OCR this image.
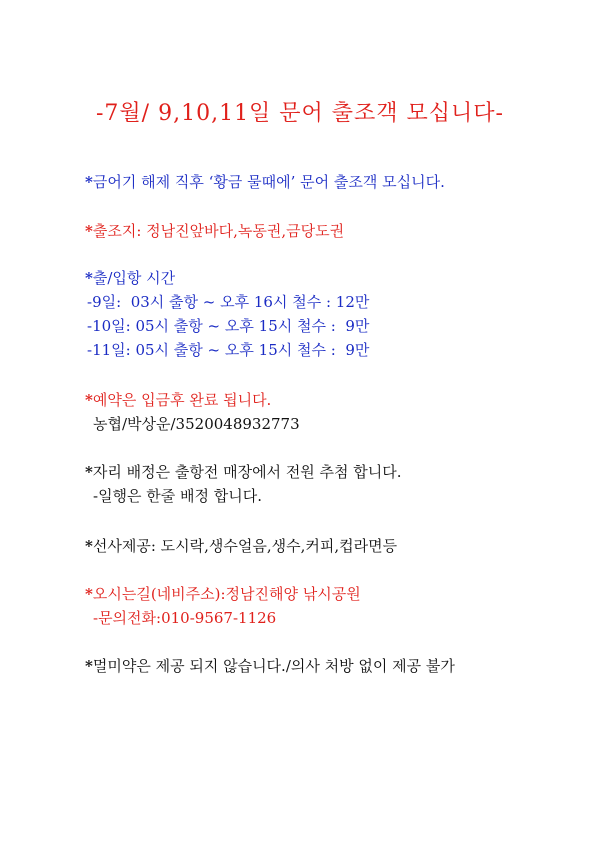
-7월/ 9,10,11일 문어 출조객 모십니다-
*금어기 해제 직후 ‘황금 물때에’ 문어 출조객 모십니다.
*출조지: 정남진앞바다,녹동권,금당도권
*출/입항 시간
-9일:  03시 출항 ~ 오후 16시 철수 : 12만
-10일: 05시 출항 ~ 오후 15시 철수 :  9만
-11일: 05시 출항 ~ 오후 15시 철수 :  9만
*예약은 입금후 완료 됩니다.
농협/박상운/3520048932773
*자리 배정은 출항전 매장에서 전원 추첨 합니다.
-일행은 한줄 배정 합니다.
*선사제공: 도시락,생수얼음,생수,커피,컵라면등
*오시는길(네비주소):정남진해양 낚시공원
-문의전화:010-9567-1126
*멀미약은 제공 되지 않습니다./의사 처방 없이 제공 불가
